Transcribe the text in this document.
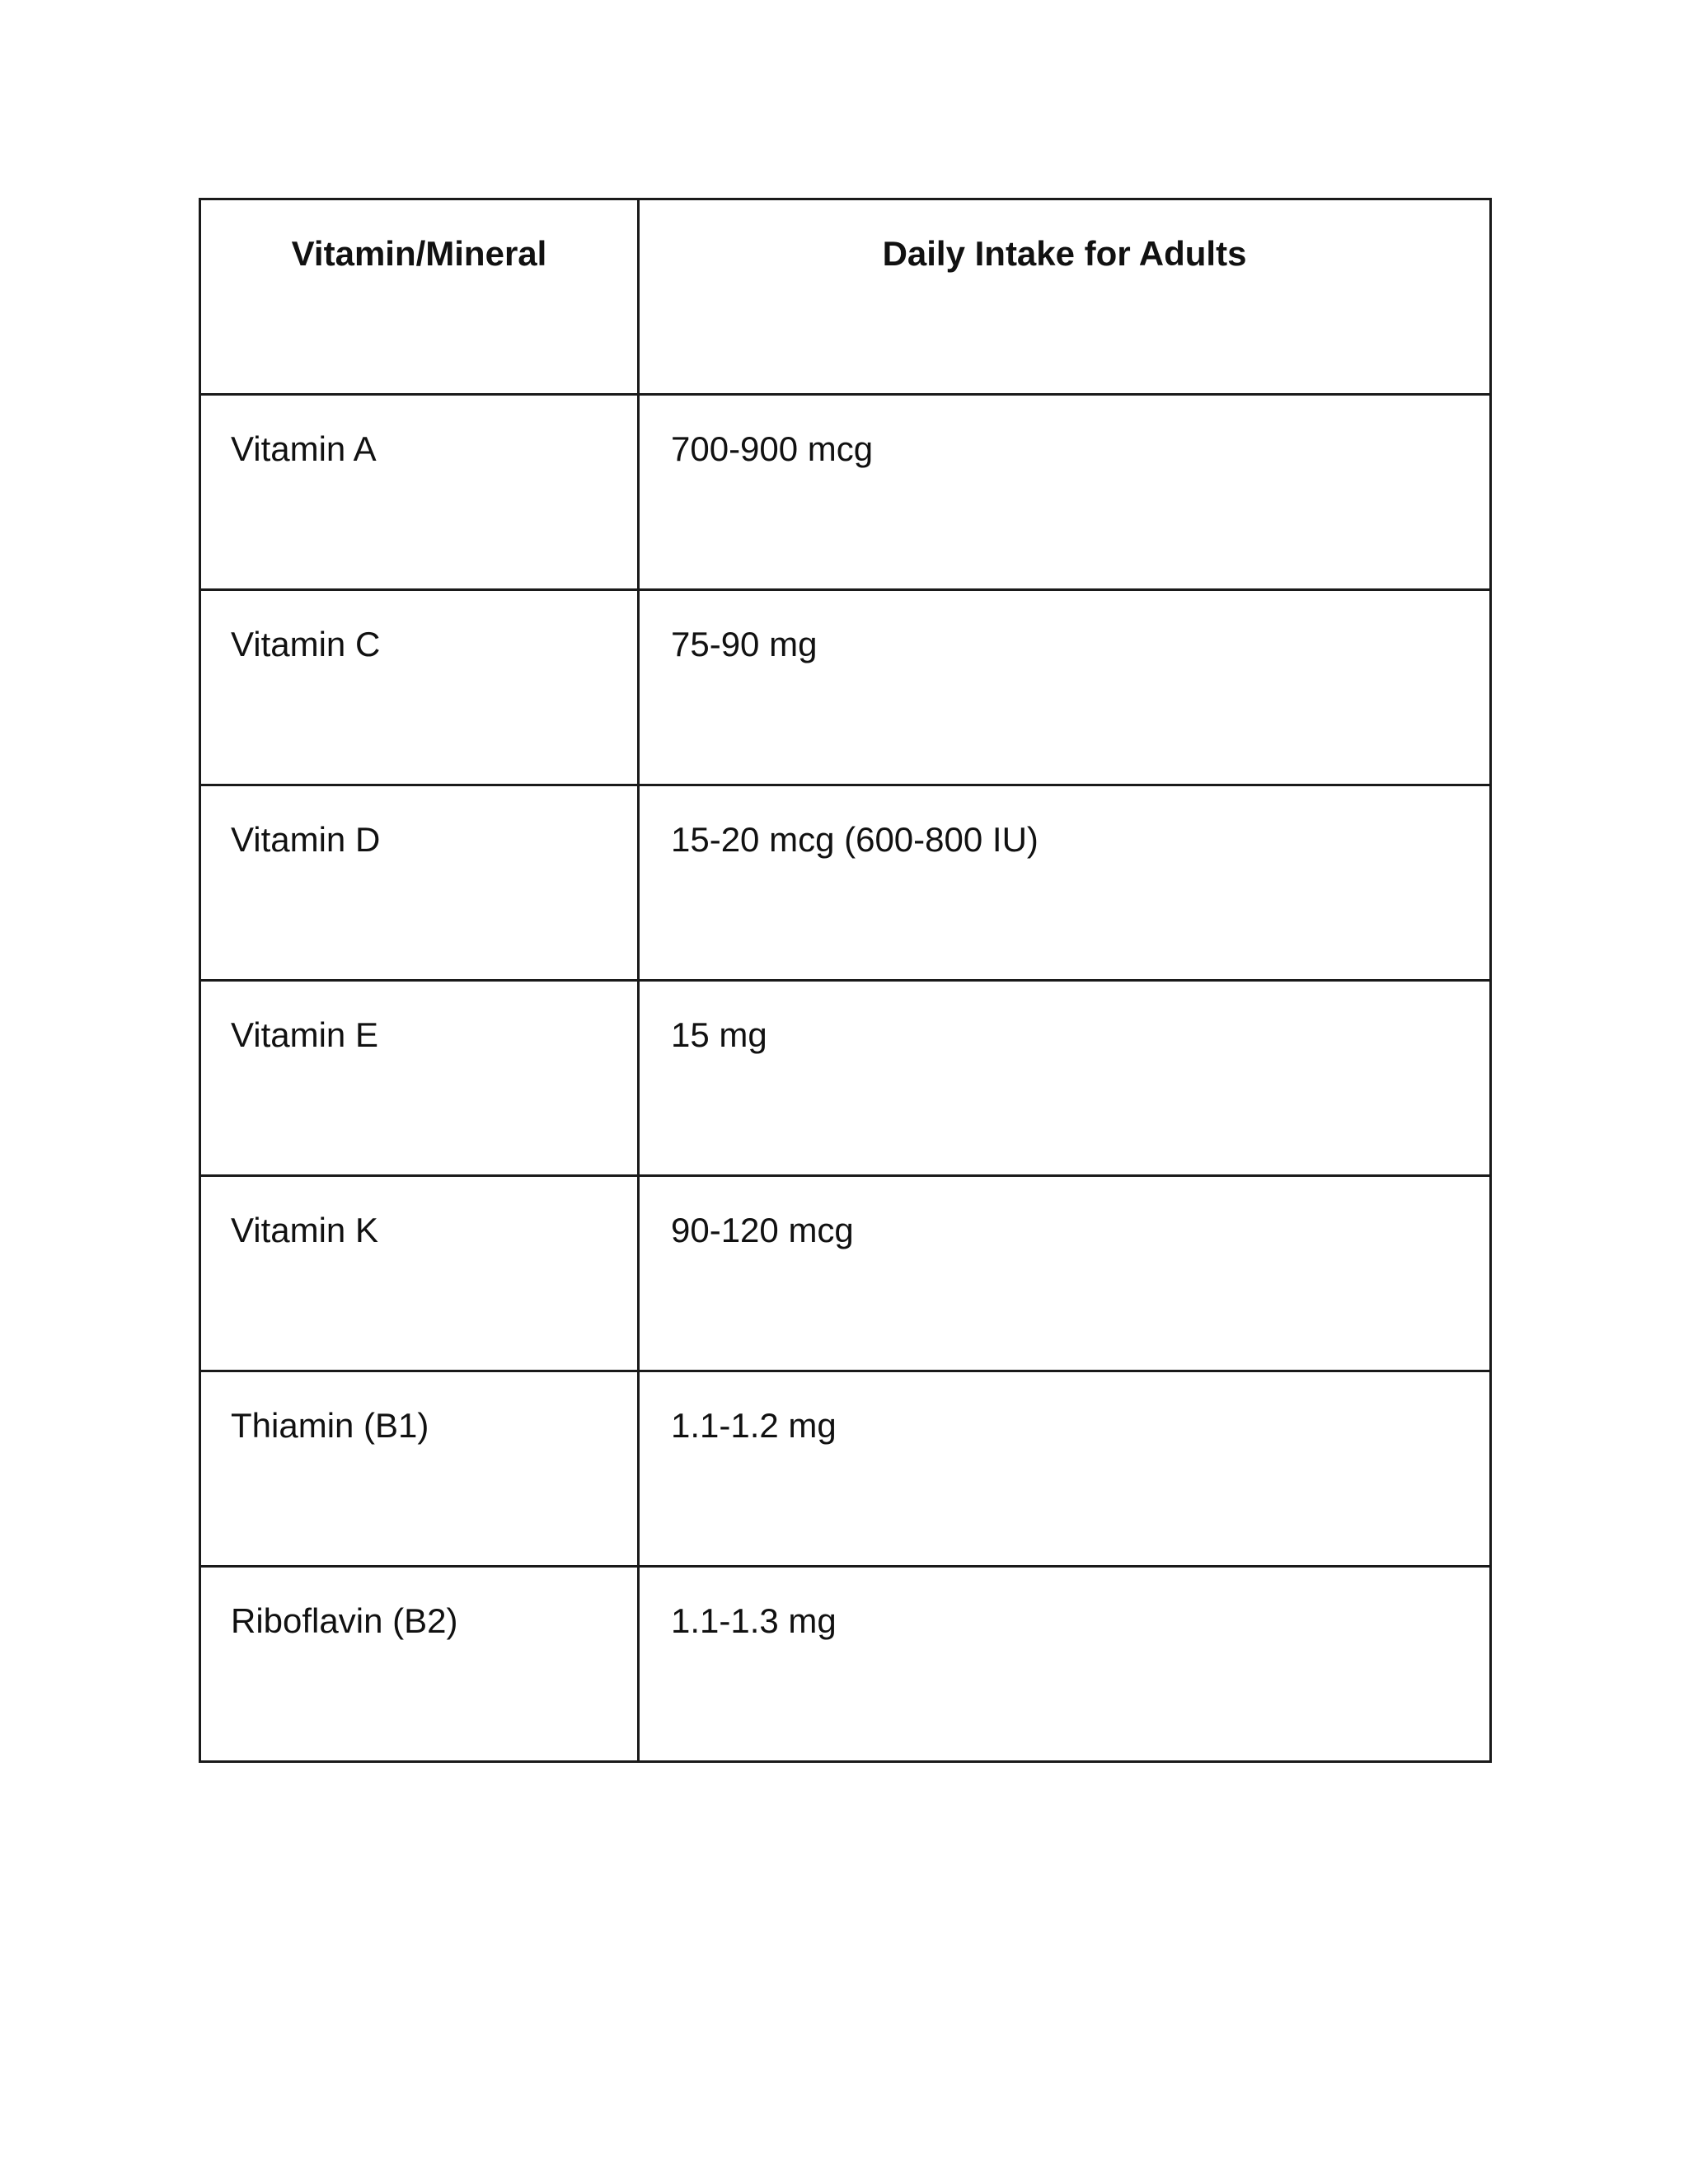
Vitamin/Mineral	Daily Intake for Adults
Vitamin A	700-900 mcg
Vitamin C	75-90 mg
Vitamin D	15-20 mcg (600-800 IU)
Vitamin E	15 mg
Vitamin K	90-120 mcg
Thiamin (B1)	1.1-1.2 mg
Riboflavin (B2)	1.1-1.3 mg
